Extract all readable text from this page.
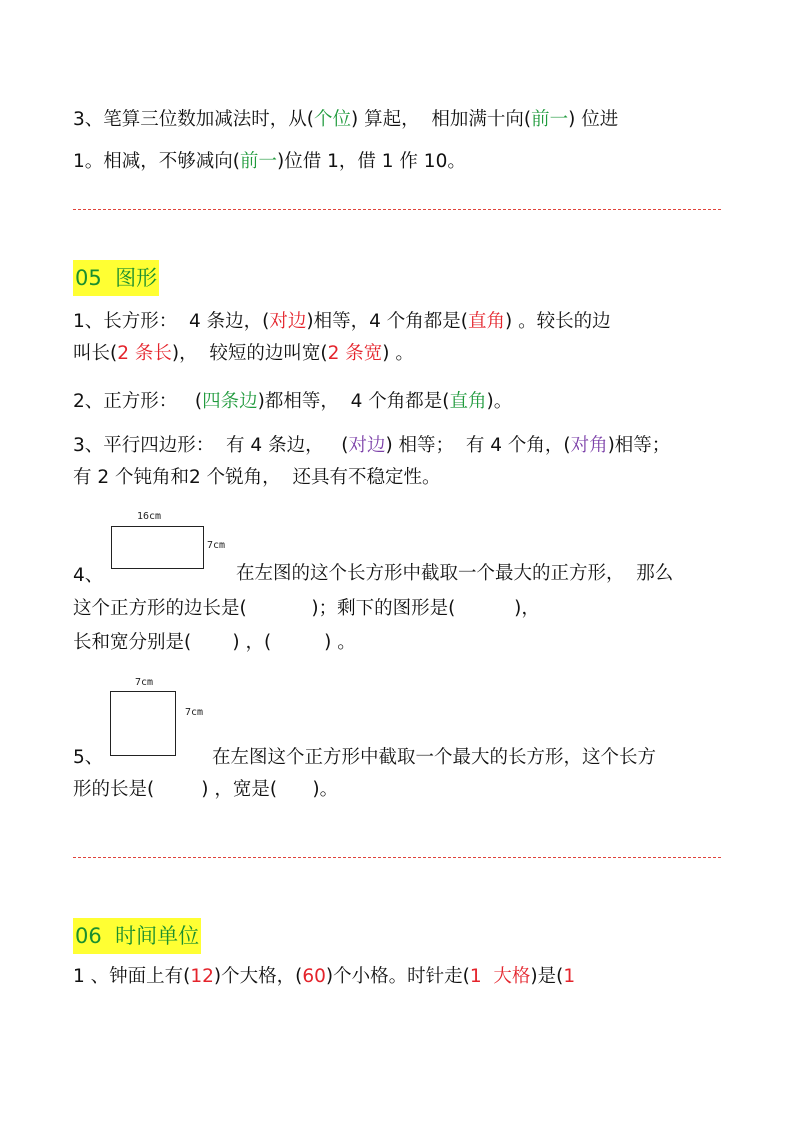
3、笔算三位数加减法时，从(个位) 算起，  相加满十向(前一) 位进
1。相减，不够减向(前一)位借 1，借 1 作 10。
05 图形
1、长方形：  4 条边，(对边)相等，4 个角都是(直角) 。较长的边
叫长(2 条长)，  较短的边叫宽(2 条宽) 。
2、正方形：   (四条边)都相等，  4 个角都是(直角)。
3、平行四边形：  有 4 条边，   (对边) 相等；  有 4 个角，(对角)相等；
有 2 个钝角和2 个锐角，  还具有不稳定性。
16cm
7cm
4、	在左图的这个长方形中截取一个最大的正方形，  那么
这个正方形的边长是(           )；剩下的图形是(          )，
长和宽分别是(       ) ，(         ) 。
7cm
7cm
5、	在左图这个正方形中截取一个最大的长方形，这个长方
形的长是(        ) ，宽是(      )。
06 时间单位
1 、钟面上有(12)个大格，(60)个小格。时针走(1  大格)是(1
